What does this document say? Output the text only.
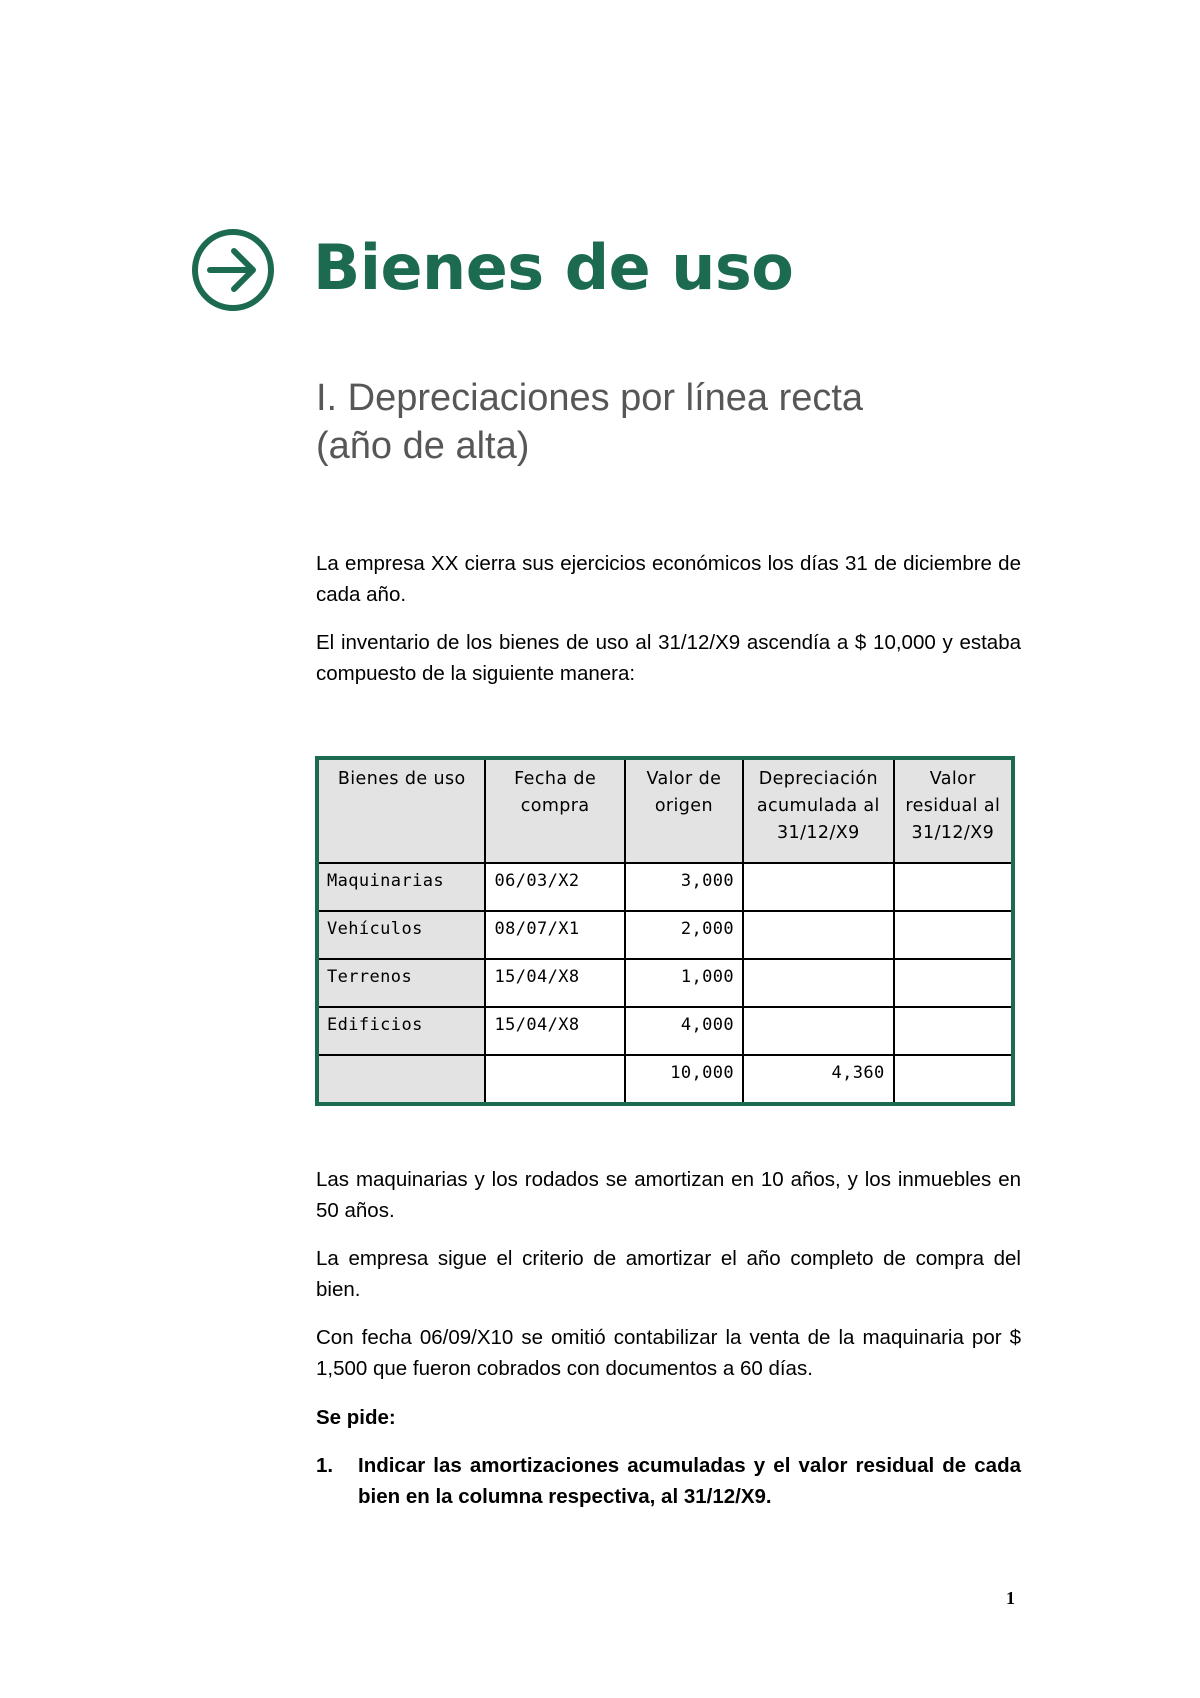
Bienes de uso
I. Depreciaciones por línea recta
(año de alta)

La empresa XX cierra sus ejercicios económicos los días 31 de diciembre de cada año.

El inventario de los bienes de uso al 31/12/X9 ascendía a $ 10,000 y estaba compuesto de la siguiente manera:

Bienes de uso	Fecha de compra	Valor de origen	Depreciación acumulada al 31/12/X9	Valor residual al 31/12/X9
Maquinarias	06/03/X2	3,000		
Vehículos	08/07/X1	2,000		
Terrenos	15/04/X8	1,000		
Edificios	15/04/X8	4,000		
		10,000	4,360	

Las maquinarias y los rodados se amortizan en 10 años, y los inmuebles en 50 años.

La empresa sigue el criterio de amortizar el año completo de compra del bien.

Con fecha 06/09/X10 se omitió contabilizar la venta de la maquinaria por $ 1,500 que fueron cobrados con documentos a 60 días.

Se pide:

1.	Indicar las amortizaciones acumuladas y el valor residual de cada bien en la columna respectiva, al 31/12/X9.
1
